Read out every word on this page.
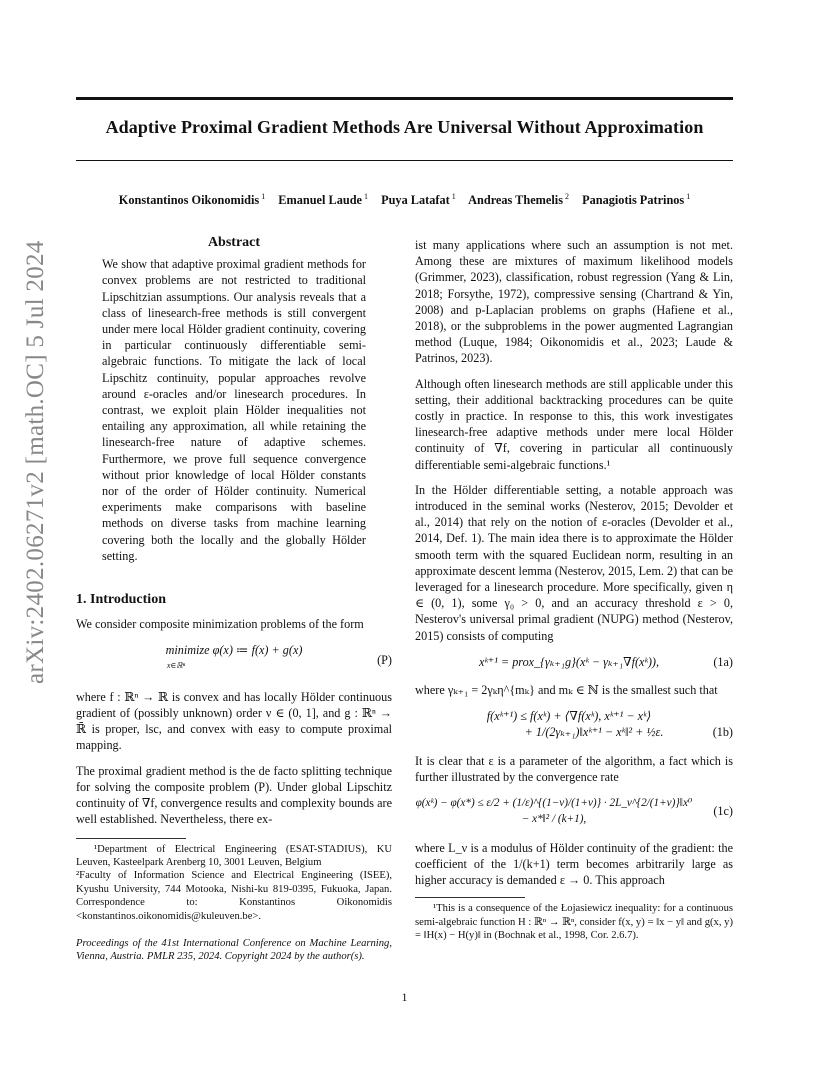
Adaptive Proximal Gradient Methods Are Universal Without Approximation
Konstantinos Oikonomidis $^1$ Emanuel Laude $^1$ Puya Latafat $^1$ Andreas Themelis $^2$ Panagiotis Patrinos $^1$
arXiv:2402.06271v2 [math.OC] 5 Jul 2024	Abstract
We show that adaptive proximal gradient methods for convex problems are not restricted to traditional Lipschitzian assumptions. Our analysis reveals that a class of linesearch-free methods is still convergent under mere local Hölder gradient continuity, covering in particular continuously differentiable semi-algebraic functions. To mitigate the lack of local Lipschitz continuity, popular approaches revolve around ε-oracles and/or linesearch procedures. In contrast, we exploit plain Hölder inequalities not entailing any approximation, all while retaining the linesearch-free nature of adaptive schemes. Furthermore, we prove full sequence convergence without prior knowledge of local Hölder constants nor of the order of Hölder continuity. Numerical experiments make comparisons with baseline methods on diverse tasks from machine learning covering both the locally and the globally Hölder setting.
1. Introduction

We consider composite minimization problems of the form

minimize φ(x) ≔ f(x) + g(x)
$^{x\in ℝ^n}$	(P)

where f : ℝⁿ → ℝ is convex and has locally Hölder continuous gradient of (possibly unknown) order ν ∈ (0, 1], and g : ℝⁿ → ℝ̄ is proper, lsc, and convex with easy to compute proximal mapping.

The proximal gradient method is the de facto splitting technique for solving the composite problem (P). Under global Lipschitz continuity of ∇f, convergence results and complexity bounds are well established. Nevertheless, there ex-

¹Department of Electrical Engineering (ESAT-STADIUS), KU Leuven, Kasteelpark Arenberg 10, 3001 Leuven, Belgium

²Faculty of Information Science and Electrical Engineering (ISEE), Kyushu University, 744 Motooka, Nishi-ku 819-0395, Fukuoka, Japan. Correspondence to: Konstantinos Oikonomidis <konstantinos.oikonomidis@kuleuven.be>.

Proceedings of the 41st International Conference on Machine Learning, Vienna, Austria. PMLR 235, 2024. Copyright 2024 by the author(s).

ist many applications where such an assumption is not met. Among these are mixtures of maximum likelihood models (Grimmer, 2023), classification, robust regression (Yang & Lin, 2018; Forsythe, 1972), compressive sensing (Chartrand & Yin, 2008) and p-Laplacian problems on graphs (Hafiene et al., 2018), or the subproblems in the power augmented Lagrangian method (Luque, 1984; Oikonomidis et al., 2023; Laude & Patrinos, 2023).

Although often linesearch methods are still applicable under this setting, their additional backtracking procedures can be quite costly in practice. In response to this, this work investigates linesearch-free adaptive methods under mere local Hölder continuity of ∇f, covering in particular all continuously differentiable semi-algebraic functions.¹

In the Hölder differentiable setting, a notable approach was introduced in the seminal works (Nesterov, 2015; Devolder et al., 2014) that rely on the notion of ε-oracles (Devolder et al., 2014, Def. 1). The main idea there is to approximate the Hölder smooth term with the squared Euclidean norm, resulting in an approximate descent lemma (Nesterov, 2015, Lem. 2) that can be leveraged for a linesearch procedure. More specifically, given η ∈ (0, 1), some γ₀ > 0, and an accuracy threshold ε > 0, Nesterov's universal primal gradient (NUPG) method (Nesterov, 2015) consists of computing

xᵏ⁺¹ = prox_{γₖ₊₁g}(xᵏ − γₖ₊₁∇f(xᵏ)),	(1a)

where γₖ₊₁ = 2γₖη^{mₖ} and mₖ ∈ ℕ is the smallest such that

f(xᵏ⁺¹) ≤ f(xᵏ) + ⟨∇f(xᵏ), xᵏ⁺¹ − xᵏ⟩
+ 1/(2γₖ₊₁)‖xᵏ⁺¹ − xᵏ‖² + ½ε.	(1b)

It is clear that ε is a parameter of the algorithm, a fact which is further illustrated by the convergence rate

φ(xᵏ) − φ(x*) ≤ ε/2 + (1/ε)^{(1−ν)/(1+ν)} · 2L_ν^{2/(1+ν)}‖x⁰ − x*‖² / (k+1),
(1c)

where L_ν is a modulus of Hölder continuity of the gradient: the coefficient of the 1/(k+1) term becomes arbitrarily large as higher accuracy is demanded ε → 0. This approach

¹This is a consequence of the Łojasiewicz inequality: for a continuous semi-algebraic function H : ℝⁿ → ℝⁿ, consider f(x, y) = ‖x − y‖ and g(x, y) = ‖H(x) − H(y)‖ in (Bochnak et al., 1998, Cor. 2.6.7).

1
